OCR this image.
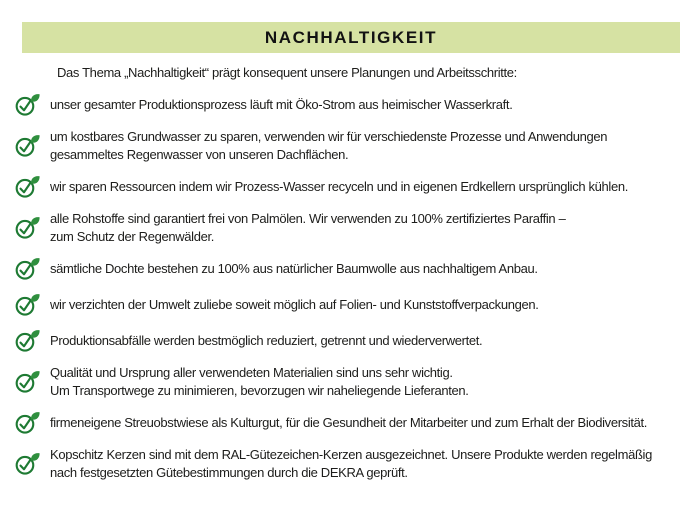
NACHHALTIGKEIT
Das Thema „Nachhaltigkeit“ prägt konsequent unsere Planungen und Arbeitsschritte:
unser gesamter Produktionsprozess läuft mit Öko-Strom aus heimischer Wasserkraft.
um kostbares Grundwasser zu sparen, verwenden wir für verschiedenste Prozesse und Anwendungen
gesammeltes Regenwasser von unseren Dachflächen.
wir sparen Ressourcen indem wir Prozess-Wasser recyceln und in eigenen Erdkellern ursprünglich kühlen.
alle Rohstoffe sind garantiert frei von Palmölen. Wir verwenden zu 100% zertifiziertes Paraffin –
zum Schutz der Regenwälder.
sämtliche Dochte bestehen zu 100% aus natürlicher Baumwolle aus nachhaltigem Anbau.
wir verzichten der Umwelt zuliebe soweit möglich auf Folien- und Kunststoffverpackungen.
Produktionsabfälle werden bestmöglich reduziert, getrennt und wiederverwertet.
Qualität und Ursprung aller verwendeten Materialien sind uns sehr wichtig.
Um Transportwege zu minimieren, bevorzugen wir naheliegende Lieferanten.
firmeneigene Streuobstwiese als Kulturgut, für die Gesundheit der Mitarbeiter und zum Erhalt der Biodiversität.
Kopschitz Kerzen sind mit dem RAL-Gütezeichen-Kerzen ausgezeichnet. Unsere Produkte werden regelmäßig
nach festgesetzten Gütebestimmungen durch die DEKRA geprüft.
